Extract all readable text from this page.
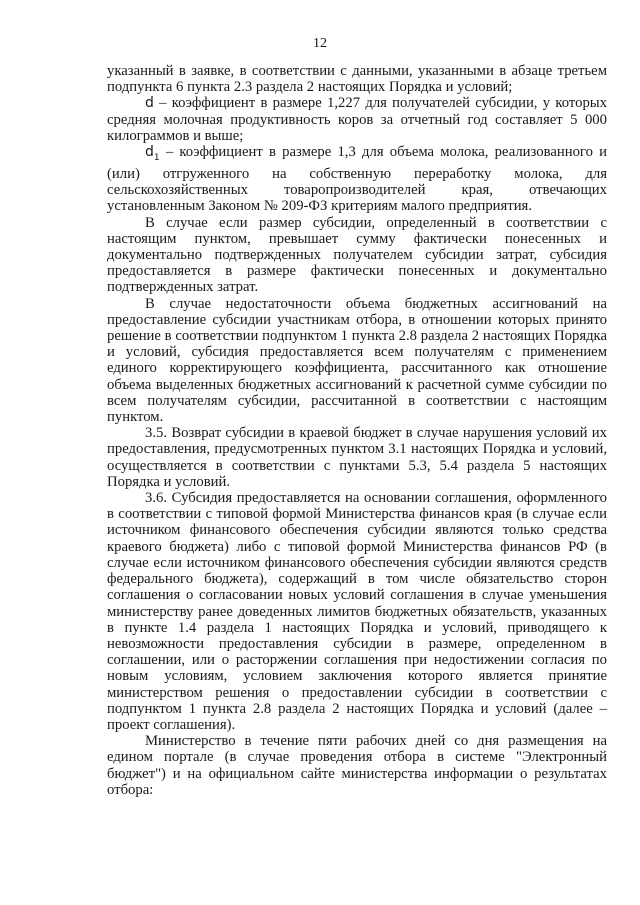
12

указанный в заявке, в соответствии с данными, указанными в абзаце третьем подпункта 6 пункта 2.3 раздела 2 настоящих Порядка и условий;

d – коэффициент в размере 1,227 для получателей субсидии, у которых средняя молочная продуктивность коров за отчетный год составляет 5 000 килограммов и выше;

$d_1$ – коэффициент в размере 1,3 для объема молока, реализованного и (или) отгруженного на собственную переработку молока, для сельскохозяйственных товаропроизводителей края, отвечающих установленным Законом № 209-ФЗ критериям малого предприятия.

В случае если размер субсидии, определенный в соответствии с настоящим пунктом, превышает сумму фактически понесенных и документально подтвержденных получателем субсидии затрат, субсидия предоставляется в размере фактически понесенных и документально подтвержденных затрат.

В случае недостаточности объема бюджетных ассигнований на предоставление субсидии участникам отбора, в отношении которых принято решение в соответствии подпунктом 1 пункта 2.8 раздела 2 настоящих Порядка и условий, субсидия предоставляется всем получателям с применением единого корректирующего коэффициента, рассчитанного как отношение объема выделенных бюджетных ассигнований к расчетной сумме субсидии по всем получателям субсидии, рассчитанной в соответствии с настоящим пунктом.

3.5. Возврат субсидии в краевой бюджет в случае нарушения условий их предоставления, предусмотренных пунктом 3.1 настоящих Порядка и условий, осуществляется в соответствии с пунктами 5.3, 5.4 раздела 5 настоящих Порядка и условий.

3.6. Субсидия предоставляется на основании соглашения, оформленного в соответствии с типовой формой Министерства финансов края (в случае если источником финансового обеспечения субсидии являются только средства краевого бюджета) либо с типовой формой Министерства финансов РФ (в случае если источником финансового обеспечения субсидии являются средств федерального бюджета), содержащий в том числе обязательство сторон соглашения о согласовании новых условий соглашения в случае уменьшения министерству ранее доведенных лимитов бюджетных обязательств, указанных в пункте 1.4 раздела 1 настоящих Порядка и условий, приводящего к невозможности предоставления субсидии в размере, определенном в соглашении, или о расторжении соглашения при недостижении согласия по новым условиям, условием заключения которого является принятие министерством решения о предоставлении субсидии в соответствии с подпунктом 1 пункта 2.8 раздела 2 настоящих Порядка и условий (далее – проект соглашения).

Министерство в течение пяти рабочих дней со дня размещения на едином портале (в случае проведения отбора в системе "Электронный бюджет") и на официальном сайте министерства информации о результатах отбора:
